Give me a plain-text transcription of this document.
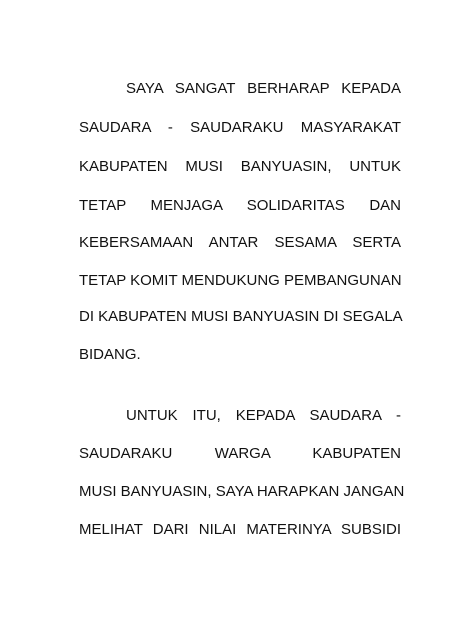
SAYA SANGAT BERHARAP KEPADA
SAUDARA - SAUDARAKU MASYARAKAT
KABUPATEN MUSI BANYUASIN, UNTUK
TETAP MENJAGA SOLIDARITAS DAN
KEBERSAMAAN ANTAR SESAMA SERTA
TETAP KOMIT MENDUKUNG PEMBANGUNAN
DI KABUPATEN MUSI BANYUASIN DI SEGALA
BIDANG.
UNTUK ITU, KEPADA SAUDARA -
SAUDARAKU WARGA KABUPATEN
MUSI BANYUASIN, SAYA HARAPKAN JANGAN
MELIHAT DARI NILAI MATERINYA SUBSIDI
